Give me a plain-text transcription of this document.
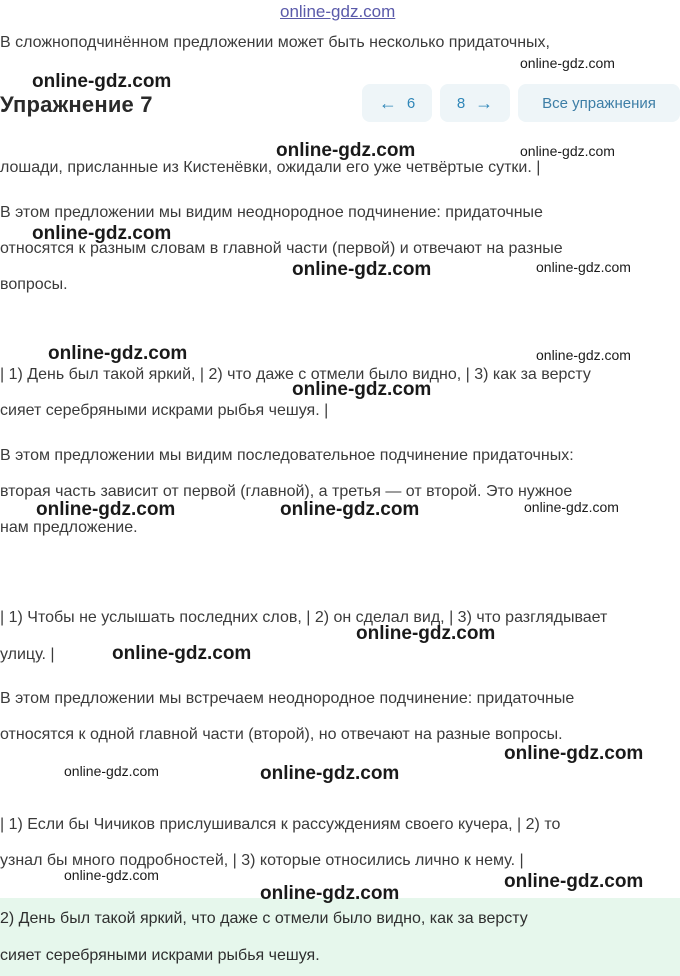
online-gdz.com
В сложноподчинённом предложении может быть несколько придаточных,
Упражнение 7	← 6	8 →	Все упражнения
лошади, присланные из Кистенёвки, ожидали его уже четвёртые сутки. |
В этом предложении мы видим неоднородное подчинение: придаточные
относятся к разным словам в главной части (первой) и отвечают на разные
вопросы.
| 1) День был такой яркий, | 2) что даже с отмели было видно, | 3) как за версту
сияет серебряными искрами рыбья чешуя. |
В этом предложении мы видим последовательное подчинение придаточных:
вторая часть зависит от первой (главной), а третья — от второй. Это нужное
нам предложение.
| 1) Чтобы не услышать последних слов, | 2) он сделал вид, | 3) что разглядывает
улицу. |
В этом предложении мы встречаем неоднородное подчинение: придаточные
относятся к одной главной части (второй), но отвечают на разные вопросы.
| 1) Если бы Чичиков прислушивался к рассуждениям своего кучера, | 2) то
узнал бы много подробностей, | 3) которые относились лично к нему. |
2) День был такой яркий, что даже с отмели было видно, как за версту
сияет серебряными искрами рыбья чешуя.
online-gdz.com
online-gdz.com
online-gdz.com	online-gdz.com
online-gdz.com
online-gdz.com	online-gdz.com
online-gdz.com	online-gdz.com
online-gdz.com
online-gdz.com	online-gdz.com	online-gdz.com
online-gdz.com
online-gdz.com
online-gdz.com
online-gdz.com	online-gdz.com
online-gdz.com	online-gdz.com
online-gdz.com
